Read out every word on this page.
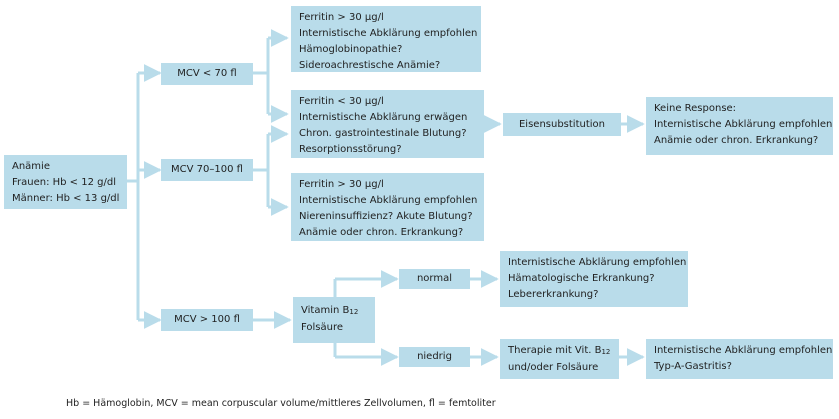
Anämie
Frauen: Hb < 12 g/dl
Männer: Hb < 13 g/dl
MCV < 70 fl
MCV 70–100 fl
MCV > 100 fl
Ferritin > 30 µg/l
Internistische Abklärung empfohlen
Hämoglobinopathie?
Sideroachrestische Anämie?
Ferritin < 30 µg/l
Internistische Abklärung erwägen
Chron. gastrointestinale Blutung?
Resorptionsstörung?
Ferritin > 30 µg/l
Internistische Abklärung empfohlen
Niereninsuffizienz? Akute Blutung?
Anämie oder chron. Erkrankung?
Eisensubstitution
Keine Response:
Internistische Abklärung empfohlen
Anämie oder chron. Erkrankung?
Vitamin B12
Folsäure
normal
niedrig
Internistische Abklärung empfohlen
Hämatologische Erkrankung?
Lebererkrankung?
Therapie mit Vit. B12
und/oder Folsäure
Internistische Abklärung empfohlen
Typ-A-Gastritis?
Hb = Hämoglobin, MCV = mean corpuscular volume/mittleres Zellvolumen, fl = femtoliter
